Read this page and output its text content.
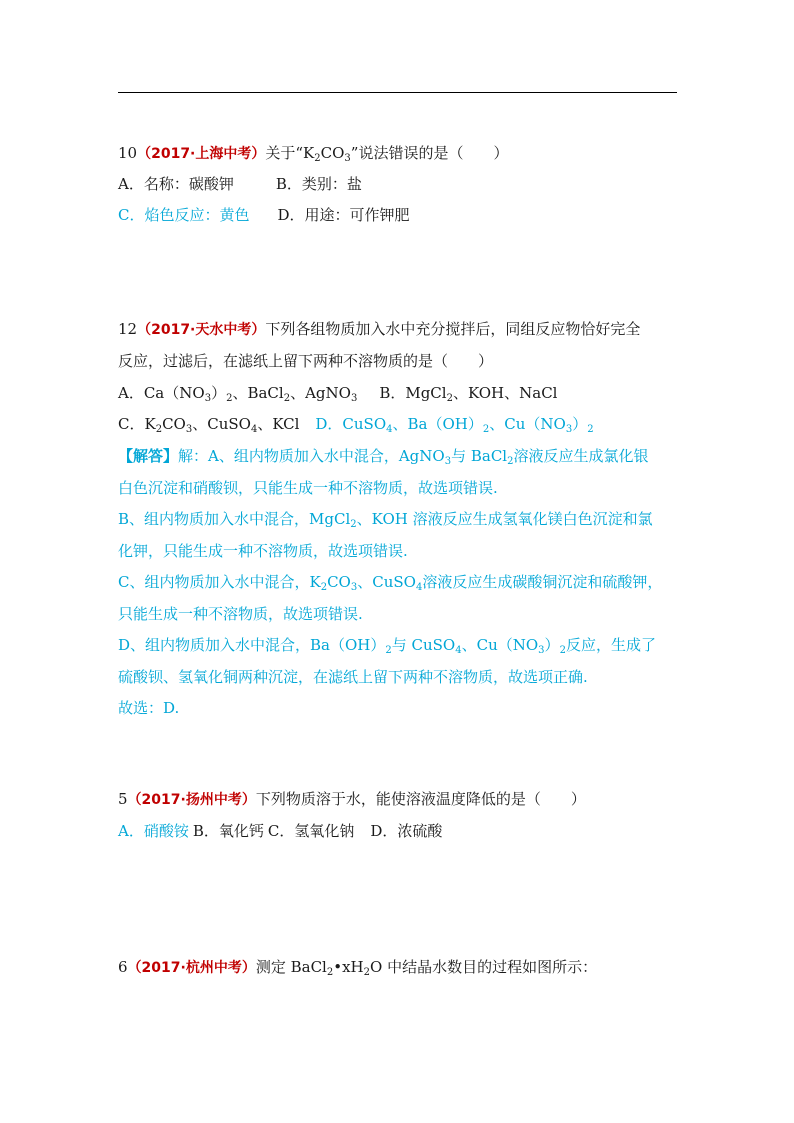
10（2017·上海中考）关于“$K_2CO_3$”说法错误的是（　　）
A．名称：碳酸钾	B．类别：盐
C．焰色反应：黄色 D．用途：可作钾肥
12（2017·天水中考）下列各组物质加入水中充分搅拌后，同组反应物恰好完全
反应，过滤后，在滤纸上留下两种不溶物质的是（　　）
A．$Ca(NO_3)_2$、BaCl$_2$、AgNO$_3$ B．MgCl$_2$、KOH、NaCl
C．$K_2CO_3$、CuSO$_4$、KCl D．CuSO$_4$、$Ba(OH)_2$、$Cu(NO_3)_2$
【解答】解：A、组内物质加入水中混合，AgNO$_3$与 BaCl$_2$溶液反应生成氯化银
白色沉淀和硝酸钡，只能生成一种不溶物质，故选项错误.
B、组内物质加入水中混合，MgCl$_2$、KOH 溶液反应生成氢氧化镁白色沉淀和氯
化钾，只能生成一种不溶物质，故选项错误.
C、组内物质加入水中混合，$K_2CO_3$、CuSO$_4$溶液反应生成碳酸铜沉淀和硫酸钾，
只能生成一种不溶物质，故选项错误.
D、组内物质加入水中混合，$Ba(OH)_2$与 CuSO$_4$、$Cu(NO_3)_2$反应，生成了
硫酸钡、氢氧化铜两种沉淀，在滤纸上留下两种不溶物质，故选项正确.
故选：D.
5（2017·扬州中考）下列物质溶于水，能使溶液温度降低的是（　　）
A．硝酸铵 B．氧化钙 C．氢氧化钠 D．浓硫酸
6（2017·杭州中考）测定 $BaCl_2•xH_2O$ 中结晶水数目的过程如图所示：
